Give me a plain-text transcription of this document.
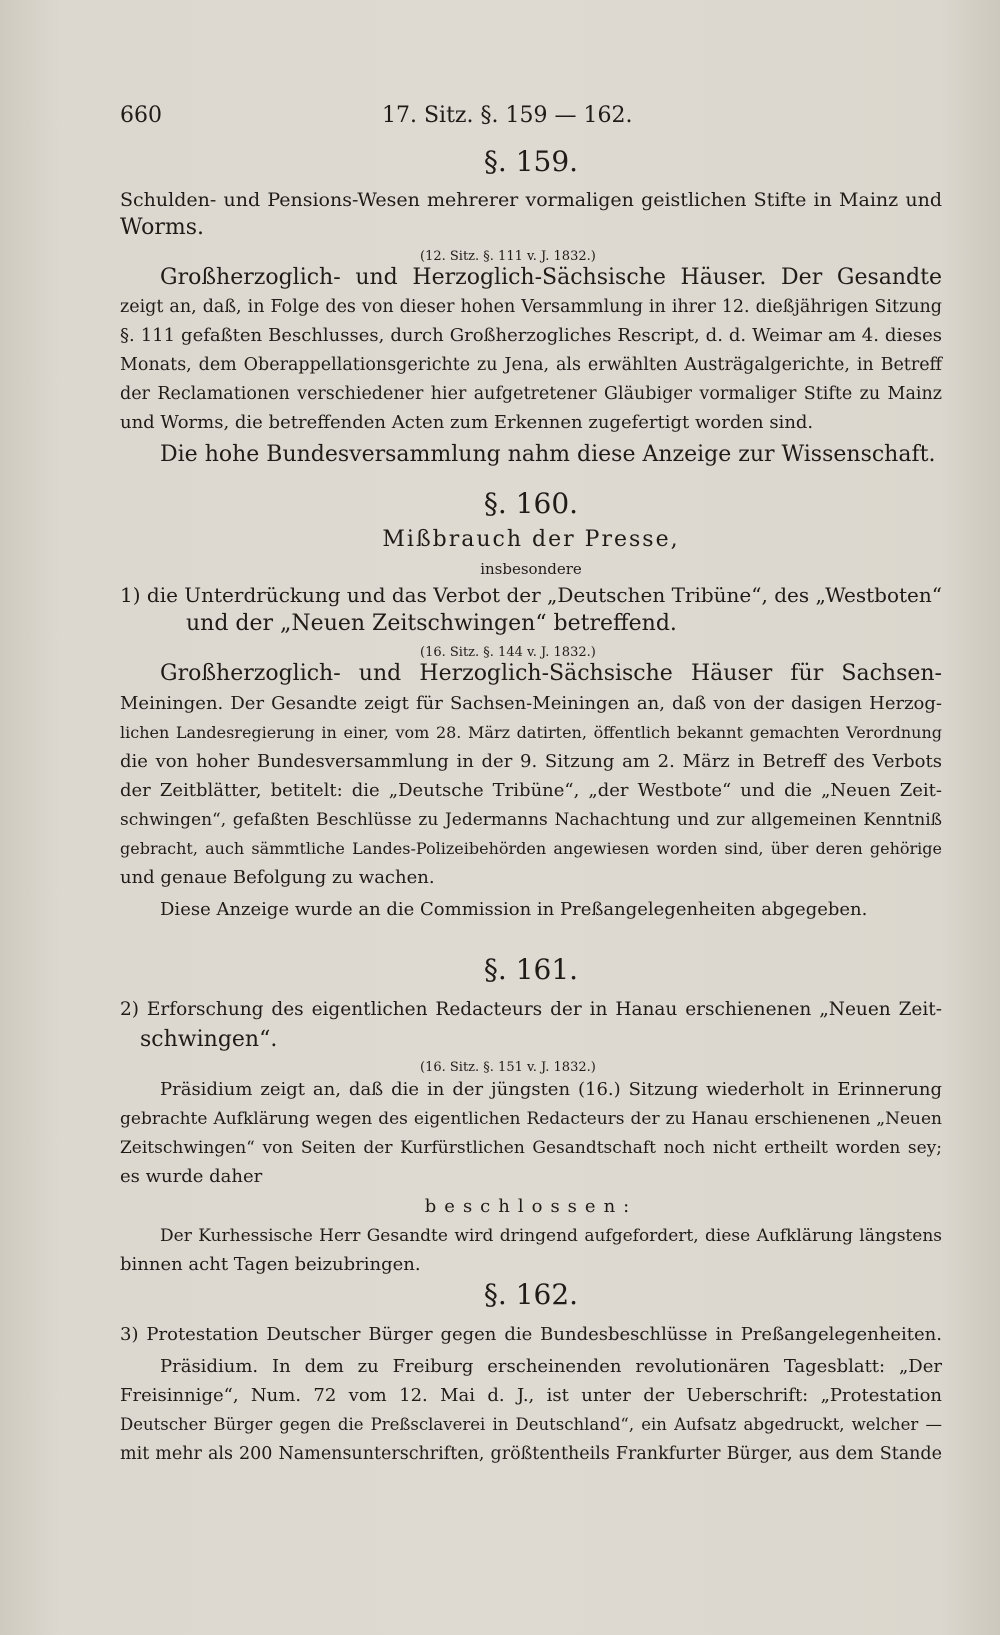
660	17. Sitz. §. 159 — 162.
§. 159.
Schulden- und Pensions-Wesen mehrerer vormaligen geistlichen Stifte in Mainz und
Worms.
(12. Sitz. §. 111 v. J. 1832.)
Großherzoglich- und Herzoglich-Sächsische Häuser. Der Gesandte
zeigt an, daß, in Folge des von dieser hohen Versammlung in ihrer 12. dießjährigen Sitzung
§. 111 gefaßten Beschlusses, durch Großherzogliches Rescript, d. d. Weimar am 4. dieses
Monats, dem Oberappellationsgerichte zu Jena, als erwählten Austrägalgerichte, in Betreff
der Reclamationen verschiedener hier aufgetretener Gläubiger vormaliger Stifte zu Mainz
und Worms, die betreffenden Acten zum Erkennen zugefertigt worden sind.
Die hohe Bundesversammlung nahm diese Anzeige zur Wissenschaft.
§. 160.
Mißbrauch der Presse,
insbesondere
1) die Unterdrückung und das Verbot der „Deutschen Tribüne“, des „Westboten“
und der „Neuen Zeitschwingen“ betreffend.
(16. Sitz. §. 144 v. J. 1832.)
Großherzoglich- und Herzoglich-Sächsische Häuser für Sachsen-
Meiningen. Der Gesandte zeigt für Sachsen-Meiningen an, daß von der dasigen Herzog-
lichen Landesregierung in einer, vom 28. März datirten, öffentlich bekannt gemachten Verordnung
die von hoher Bundesversammlung in der 9. Sitzung am 2. März in Betreff des Verbots
der Zeitblätter, betitelt: die „Deutsche Tribüne“, „der Westbote“ und die „Neuen Zeit-
schwingen“, gefaßten Beschlüsse zu Jedermanns Nachachtung und zur allgemeinen Kenntniß
gebracht, auch sämmtliche Landes-Polizeibehörden angewiesen worden sind, über deren gehörige
und genaue Befolgung zu wachen.
Diese Anzeige wurde an die Commission in Preßangelegenheiten abgegeben.
§. 161.
2) Erforschung des eigentlichen Redacteurs der in Hanau erschienenen „Neuen Zeit-
schwingen“.
(16. Sitz. §. 151 v. J. 1832.)
Präsidium zeigt an, daß die in der jüngsten (16.) Sitzung wiederholt in Erinnerung
gebrachte Aufklärung wegen des eigentlichen Redacteurs der zu Hanau erschienenen „Neuen
Zeitschwingen“ von Seiten der Kurfürstlichen Gesandtschaft noch nicht ertheilt worden sey;
es wurde daher
beschlossen:
Der Kurhessische Herr Gesandte wird dringend aufgefordert, diese Aufklärung längstens
binnen acht Tagen beizubringen.
§. 162.
3) Protestation Deutscher Bürger gegen die Bundesbeschlüsse in Preßangelegenheiten.
Präsidium. In dem zu Freiburg erscheinenden revolutionären Tagesblatt: „Der
Freisinnige“, Num. 72 vom 12. Mai d. J., ist unter der Ueberschrift: „Protestation
Deutscher Bürger gegen die Preßsclaverei in Deutschland“, ein Aufsatz abgedruckt, welcher —
mit mehr als 200 Namensunterschriften, größtentheils Frankfurter Bürger, aus dem Stande
